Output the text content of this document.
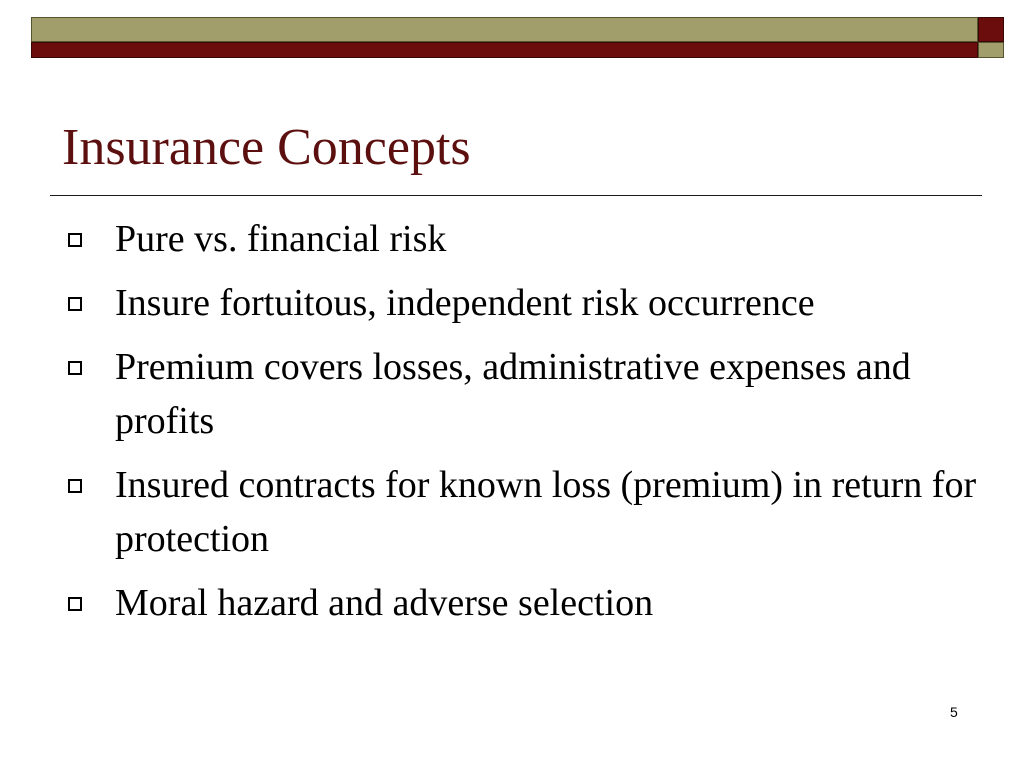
Insurance Concepts
Pure vs. financial risk
Insure fortuitous, independent risk occurrence
Premium covers losses, administrative expenses and profits
Insured contracts for known loss (premium) in return for protection
Moral hazard and adverse selection
5
